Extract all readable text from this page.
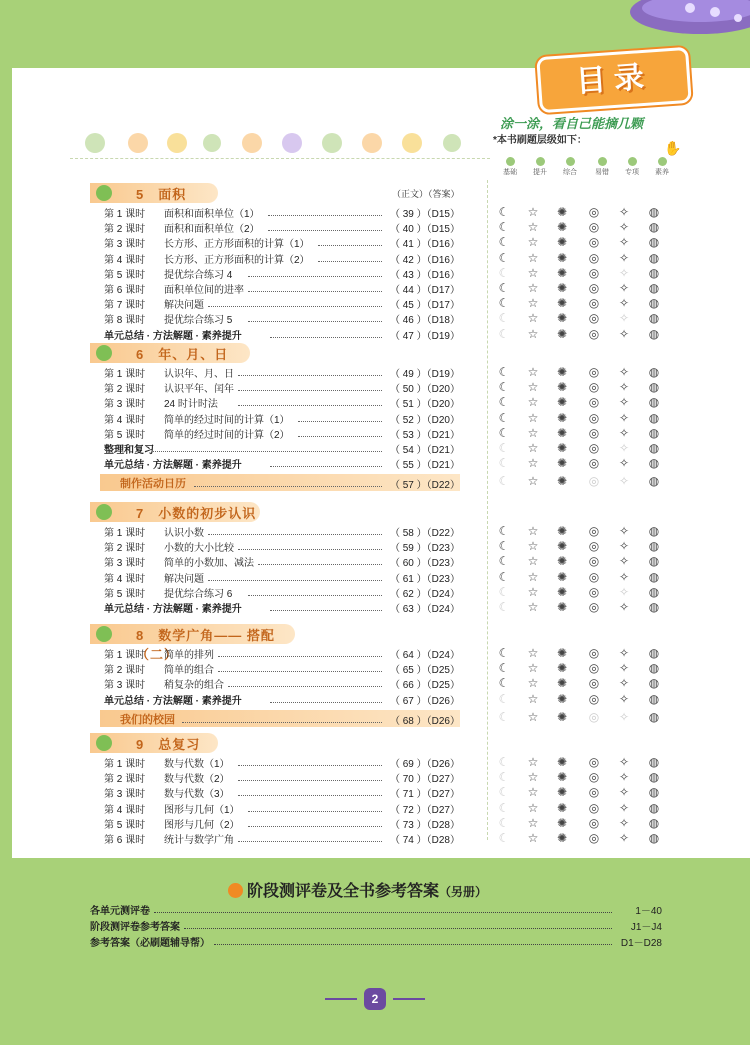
目录
涂一涂，看自己能摘几颗
*本书刷题层级如下：	✋
基础	提升	综合	易错	专项	素养
5　面积	（正文）（答案）
第 1 课时 面积和面积单位（1）	（ 39 ）（D15）	☾ ☆ ✺ ◎ ✧ ◍
第 2 课时 面积和面积单位（2）	（ 40 ）（D15）	☾ ☆ ✺ ◎ ✧ ◍
第 3 课时 长方形、正方形面积的计算（1）	（ 41 ）（D16）	☾ ☆ ✺ ◎ ✧ ◍
第 4 课时 长方形、正方形面积的计算（2）	（ 42 ）（D16）	☾ ☆ ✺ ◎ ✧ ◍
第 5 课时 提优综合练习 4	（ 43 ）（D16）	☾ ☆ ✺ ◎ ✧ ◍
第 6 课时 面积单位间的进率	（ 44 ）（D17）	☾ ☆ ✺ ◎ ✧ ◍
第 7 课时 解决问题	（ 45 ）（D17）	☾ ☆ ✺ ◎ ✧ ◍
第 8 课时 提优综合练习 5	（ 46 ）（D18）	☾ ☆ ✺ ◎ ✧ ◍
单元总结 · 方法解题 · 素养提升	（ 47 ）（D19）	☾ ☆ ✺ ◎ ✧ ◍
6　年、月、日
第 1 课时 认识年、月、日	（ 49 ）（D19）	☾ ☆ ✺ ◎ ✧ ◍
第 2 课时 认识平年、闰年	（ 50 ）（D20）	☾ ☆ ✺ ◎ ✧ ◍
第 3 课时 24 时计时法	（ 51 ）（D20）	☾ ☆ ✺ ◎ ✧ ◍
第 4 课时 简单的经过时间的计算（1）	（ 52 ）（D20）	☾ ☆ ✺ ◎ ✧ ◍
第 5 课时 简单的经过时间的计算（2）	（ 53 ）（D21）	☾ ☆ ✺ ◎ ✧ ◍
整理和复习	（ 54 ）（D21）	☾ ☆ ✺ ◎ ✧ ◍
单元总结 · 方法解题 · 素养提升	（ 55 ）（D21）	☾ ☆ ✺ ◎ ✧ ◍
制作活动日历	（ 57 ）（D22）	☾ ☆ ✺ ◎ ✧ ◍
7　小数的初步认识
第 1 课时 认识小数	（ 58 ）（D22）	☾ ☆ ✺ ◎ ✧ ◍
第 2 课时 小数的大小比较	（ 59 ）（D23）	☾ ☆ ✺ ◎ ✧ ◍
第 3 课时 简单的小数加、减法	（ 60 ）（D23）	☾ ☆ ✺ ◎ ✧ ◍
第 4 课时 解决问题	（ 61 ）（D23）	☾ ☆ ✺ ◎ ✧ ◍
第 5 课时 提优综合练习 6	（ 62 ）（D24）	☾ ☆ ✺ ◎ ✧ ◍
单元总结 · 方法解题 · 素养提升	（ 63 ）（D24）	☾ ☆ ✺ ◎ ✧ ◍
8　数学广角—— 搭配（二）
第 1 课时 简单的排列	（ 64 ）（D24）	☾ ☆ ✺ ◎ ✧ ◍
第 2 课时 简单的组合	（ 65 ）（D25）	☾ ☆ ✺ ◎ ✧ ◍
第 3 课时 稍复杂的组合	（ 66 ）（D25）	☾ ☆ ✺ ◎ ✧ ◍
单元总结 · 方法解题 · 素养提升	（ 67 ）（D26）	☾ ☆ ✺ ◎ ✧ ◍
我们的校园	（ 68 ）（D26）	☾ ☆ ✺ ◎ ✧ ◍
9　总复习
第 1 课时 数与代数（1）	（ 69 ）（D26）	☾ ☆ ✺ ◎ ✧ ◍
第 2 课时 数与代数（2）	（ 70 ）（D27）	☾ ☆ ✺ ◎ ✧ ◍
第 3 课时 数与代数（3）	（ 71 ）（D27）	☾ ☆ ✺ ◎ ✧ ◍
第 4 课时 图形与几何（1）	（ 72 ）（D27）	☾ ☆ ✺ ◎ ✧ ◍
第 5 课时 图形与几何（2）	（ 73 ）（D28）	☾ ☆ ✺ ◎ ✧ ◍
第 6 课时 统计与数学广角	（ 74 ）（D28）	☾ ☆ ✺ ◎ ✧ ◍
阶段测评卷及全书参考答案（另册）
各单元测评卷	1－40
阶段测评卷参考答案	J1－J4
参考答案（必刷题辅导帮）	D1－D28
2
